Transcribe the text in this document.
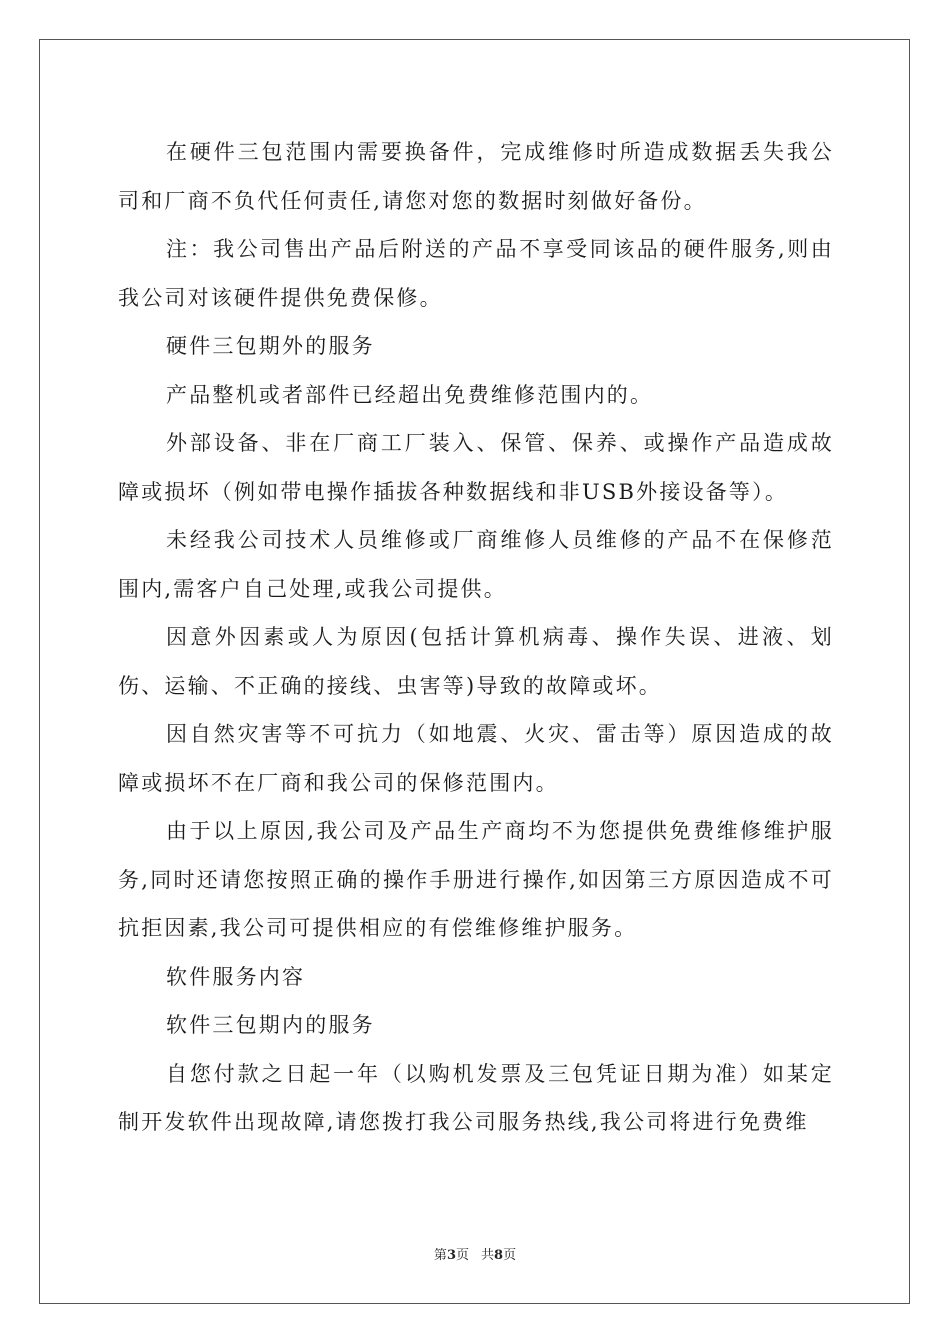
在硬件三包范围内需要换备件，完成维修时所造成数据丢失我公司和厂商不负代任何责任,请您对您的数据时刻做好备份。

注：我公司售出产品后附送的产品不享受同该品的硬件服务,则由我公司对该硬件提供免费保修。

硬件三包期外的服务

产品整机或者部件已经超出免费维修范围内的。

外部设备、非在厂商工厂装入、保管、保养、或操作产品造成故障或损坏（例如带电操作插拔各种数据线和非USB外接设备等）。

未经我公司技术人员维修或厂商维修人员维修的产品不在保修范围内,需客户自己处理,或我公司提供。

因意外因素或人为原因(包括计算机病毒、操作失误、进液、划伤、运输、不正确的接线、虫害等)导致的故障或坏。

因自然灾害等不可抗力（如地震、火灾、雷击等）原因造成的故障或损坏不在厂商和我公司的保修范围内。

由于以上原因,我公司及产品生产商均不为您提供免费维修维护服务,同时还请您按照正确的操作手册进行操作,如因第三方原因造成不可抗拒因素,我公司可提供相应的有偿维修维护服务。

软件服务内容

软件三包期内的服务

自您付款之日起一年（以购机发票及三包凭证日期为准）如某定制开发软件出现故障,请您拨打我公司服务热线,我公司将进行免费维

第3页 共8页
